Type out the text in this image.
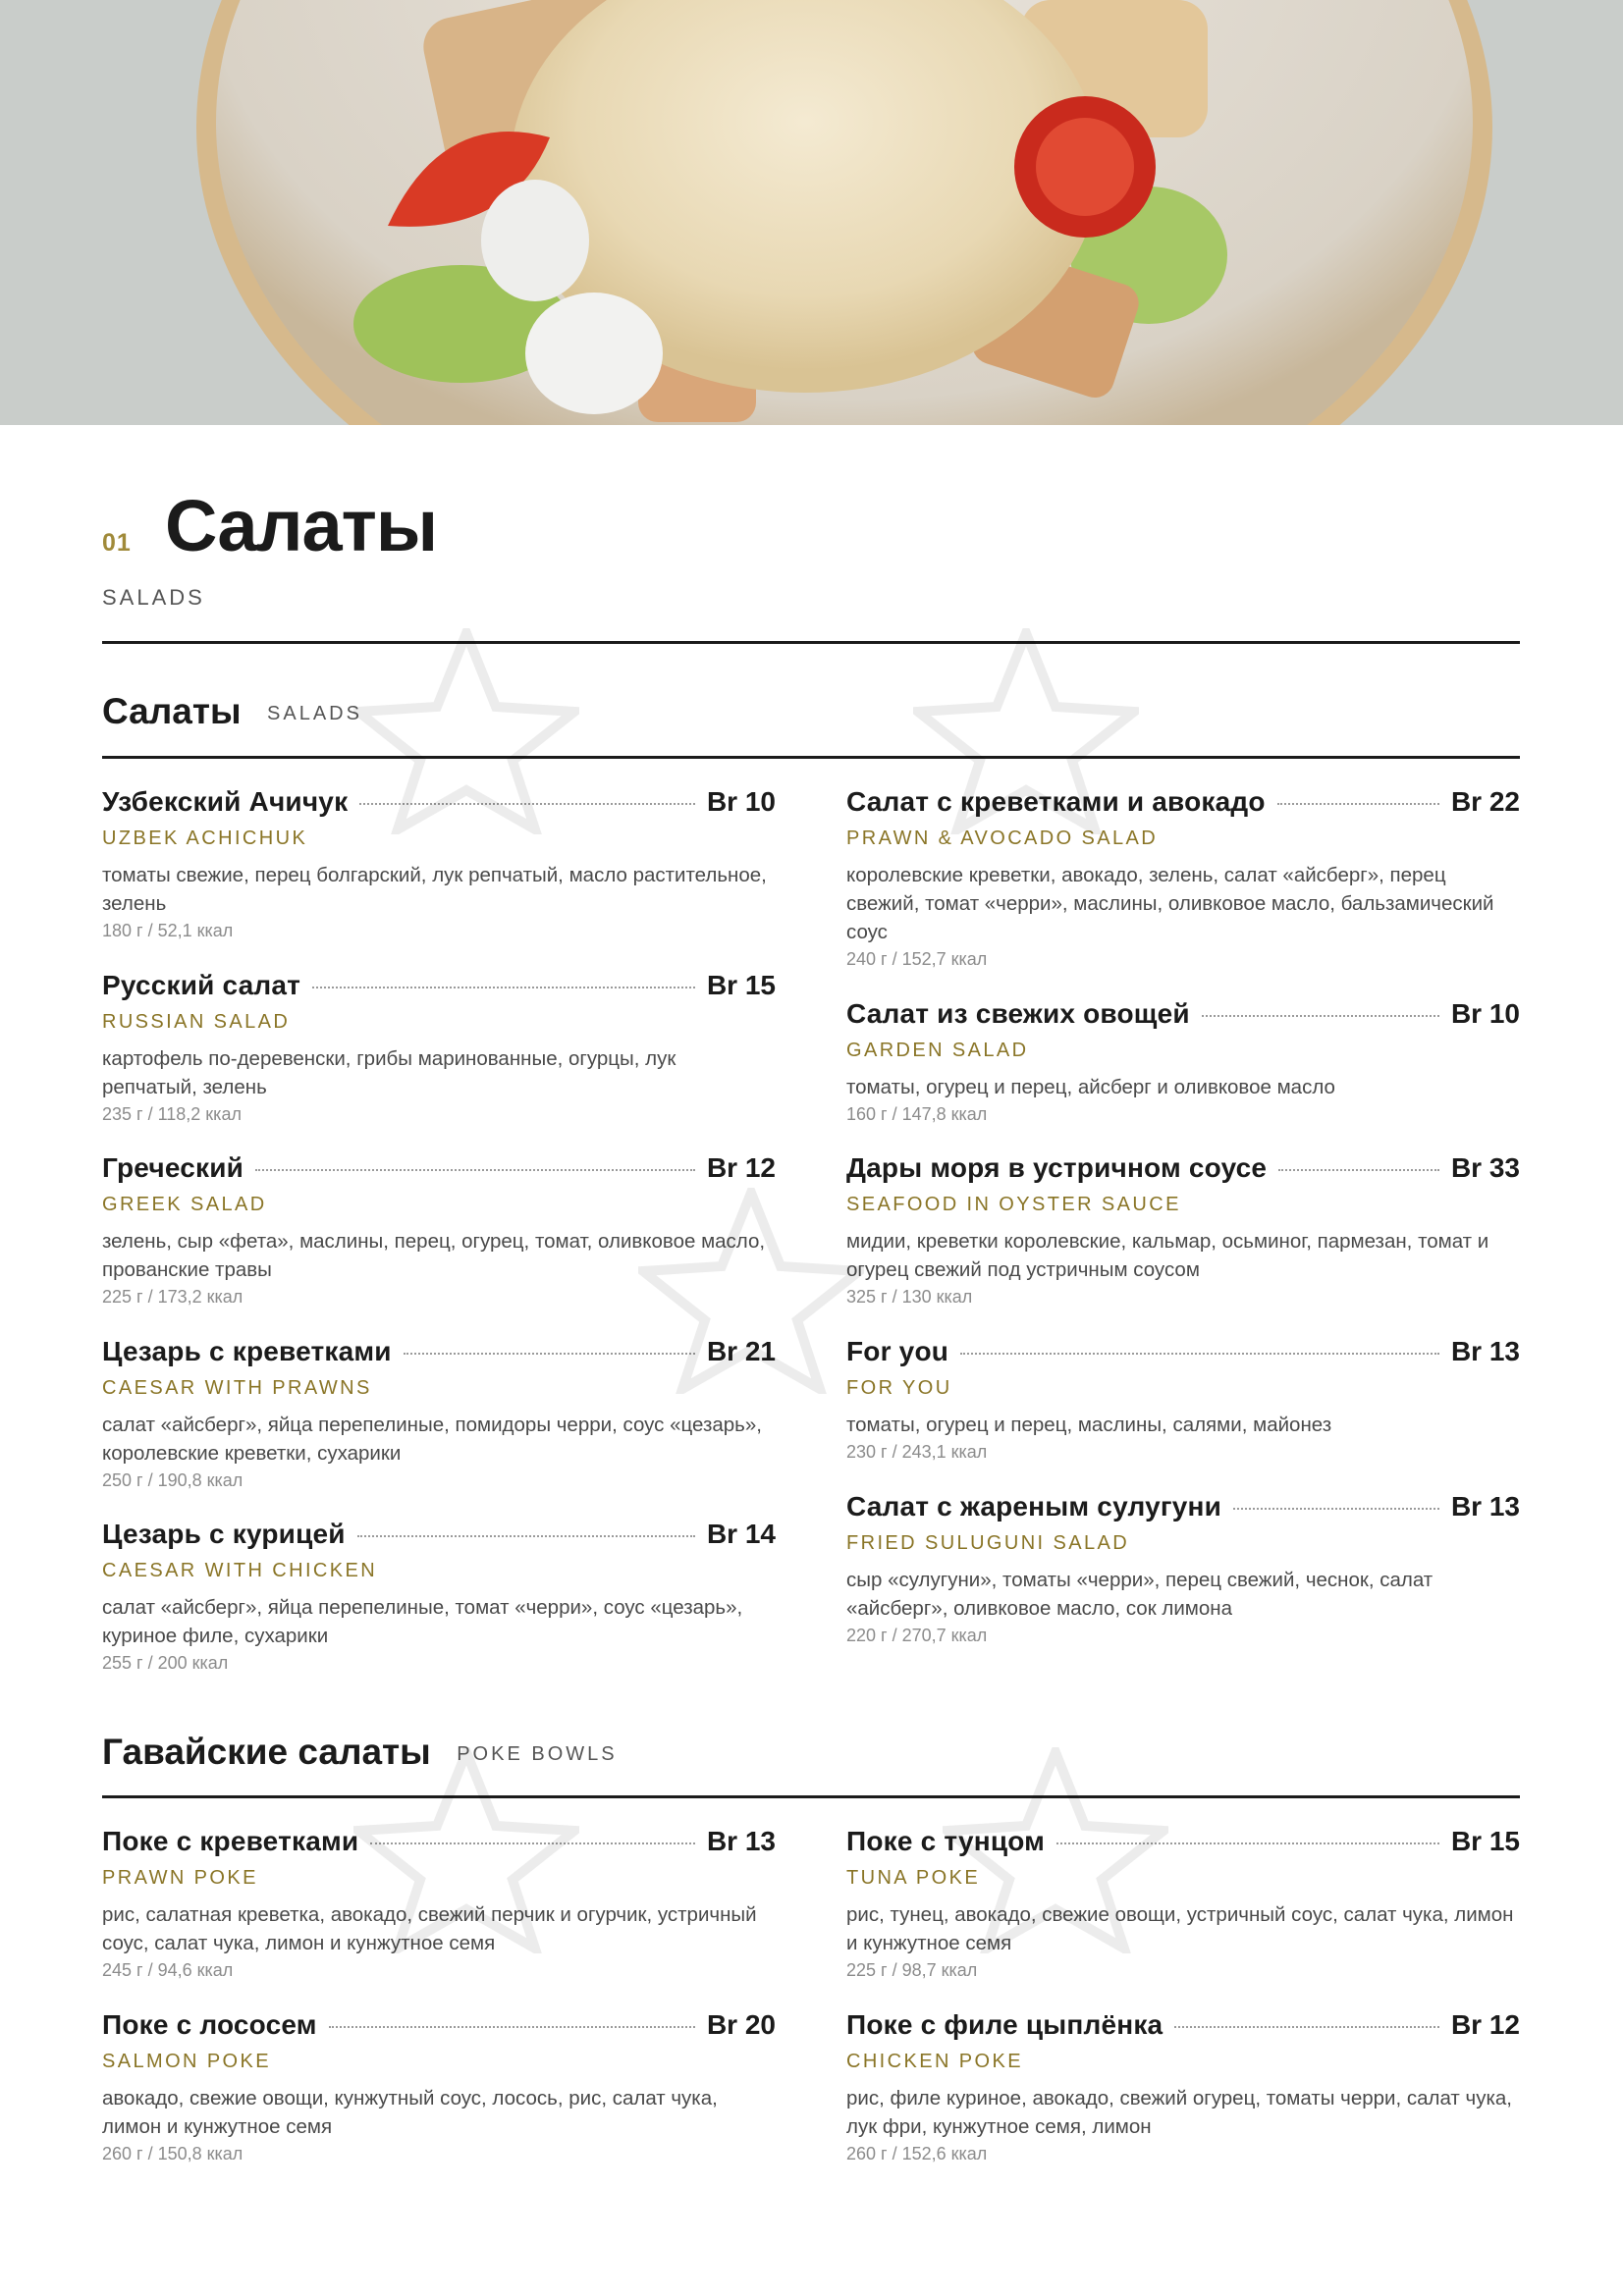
01 Салаты
SALADS
Салаты SALADS
Узбекский Ачичук	Br 10
UZBEK ACHICHUK
томаты свежие, перец болгарский, лук репчатый, масло растительное, зелень
180 г / 52,1 ккал
Русский салат	Br 15
RUSSIAN SALAD
картофель по-деревенски, грибы маринованные, огурцы, лук репчатый, зелень
235 г / 118,2 ккал
Греческий	Br 12
GREEK SALAD
зелень, сыр «фета», маслины, перец, огурец, томат, оливковое масло, прованские травы
225 г / 173,2 ккал
Цезарь с креветками	Br 21
CAESAR WITH PRAWNS
салат «айсберг», яйца перепелиные, помидоры черри, соус «цезарь», королевские креветки, сухарики
250 г / 190,8 ккал
Цезарь с курицей	Br 14
CAESAR WITH CHICKEN
салат «айсберг», яйца перепелиные, томат «черри», соус «цезарь», куриное филе, сухарики
255 г / 200 ккал
Салат с креветками и авокадо	Br 22
PRAWN & AVOCADO SALAD
королевские креветки, авокадо, зелень, салат «айсберг», перец свежий, томат «черри», маслины, оливковое масло, бальзамический соус
240 г / 152,7 ккал
Салат из свежих овощей	Br 10
GARDEN SALAD
томаты, огурец и перец, айсберг и оливковое масло
160 г / 147,8 ккал
Дары моря в устричном соусе	Br 33
SEAFOOD IN OYSTER SAUCE
мидии, креветки королевские, кальмар, осьминог, пармезан, томат и огурец свежий под устричным соусом
325 г / 130 ккал
For you	Br 13
FOR YOU
томаты, огурец и перец, маслины, салями, майонез
230 г / 243,1 ккал
Салат с жареным сулугуни	Br 13
FRIED SULUGUNI SALAD
сыр «сулугуни», томаты «черри», перец свежий, чеснок, салат «айсберг», оливковое масло, сок лимона
220 г / 270,7 ккал
Гавайские салаты POKE BOWLS
Поке с креветками	Br 13
PRAWN POKE
рис, салатная креветка, авокадо, свежий перчик и огурчик, устричный соус, салат чука, лимон и кунжутное семя
245 г / 94,6 ккал
Поке с лососем	Br 20
SALMON POKE
авокадо, свежие овощи, кунжутный соус, лосось, рис, салат чука, лимон и кунжутное семя
260 г / 150,8 ккал
Поке с тунцом	Br 15
TUNA POKE
рис, тунец, авокадо, свежие овощи, устричный соус, салат чука, лимон и кунжутное семя
225 г / 98,7 ккал
Поке с филе цыплёнка	Br 12
CHICKEN POKE
рис, филе куриное, авокадо, свежий огурец, томаты черри, салат чука, лук фри, кунжутное семя, лимон
260 г / 152,6 ккал
